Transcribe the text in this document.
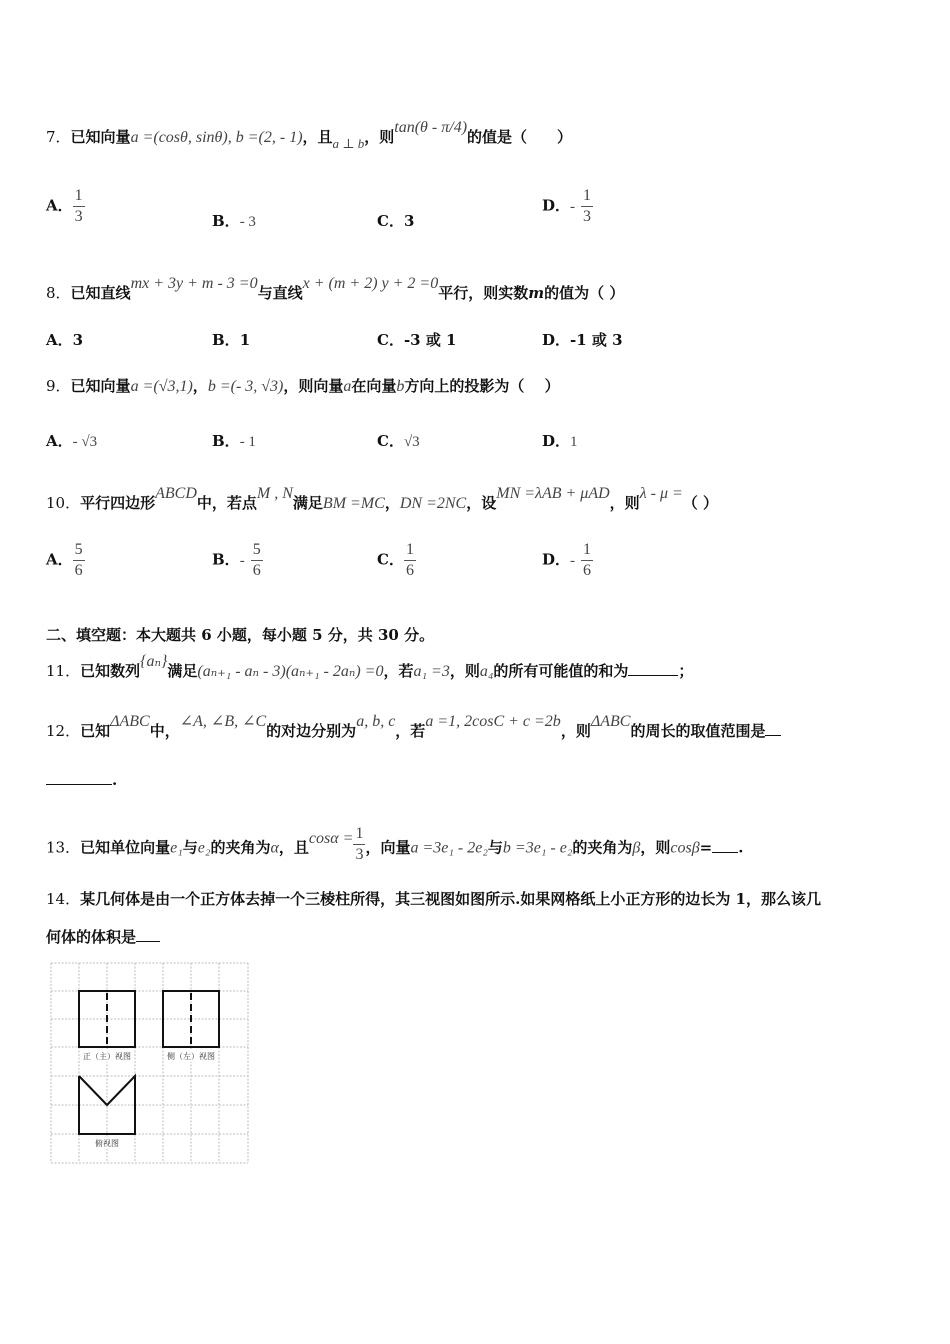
7．已知向量a =(cosθ, sinθ), b =(2, - 1)，且a ⊥ b，则tan(θ - π/4)的值是（　　）
A． $\frac{1}{3}$	B．- 3	C．3
D．- $\frac{1}{3}$
8．已知直线mx + 3y + m - 3 =0与直线x + (m + 2) y + 2 =0平行，则实数m的值为（ ）
A．3	B．1	C．-3 或 1	D．-1 或 3
9．已知向量a =(√3,1)，b =(- 3, √3)，则向量a在向量b方向上的投影为（　 ）
A．- √3	B．- 1	C．√3	D．1
10．平行四边形ABCD中，若点M , N满足BM =MC，DN =2NC，设MN =λAB + μAD，则λ - μ =（ ）
A． $\frac{5}{6}$	B．- $\frac{5}{6}$	C． $\frac{1}{6}$	D．- $\frac{1}{6}$
二、填空题：本大题共 6 小题，每小题 5 分，共 30 分。
11．已知数列{aₙ}满足(aₙ₊₁ - aₙ - 3)(aₙ₊₁ - 2aₙ) =0，若a₁ =3，则a₄的所有可能值的和为	；
12．已知ΔABC中，∠A, ∠B, ∠C的对边分别为a, b, c，若a =1, 2cosC + c =2b，则ΔABC的周长的取值范围是
.
13．已知单位向量e₁与e₂的夹角为α，且$\cos\alpha = \frac{1}{3}$ ，向量a =3e₁ - 2e₂与b =3e₁ - e₂的夹角为β，则cosβ= .
14．某几何体是由一个正方体去掉一个三棱柱所得，其三视图如图所示.如果网格纸上小正方形的边长为 1，那么该几
何体的体积是
正（主）视图	侧（左）视图
俯视图
